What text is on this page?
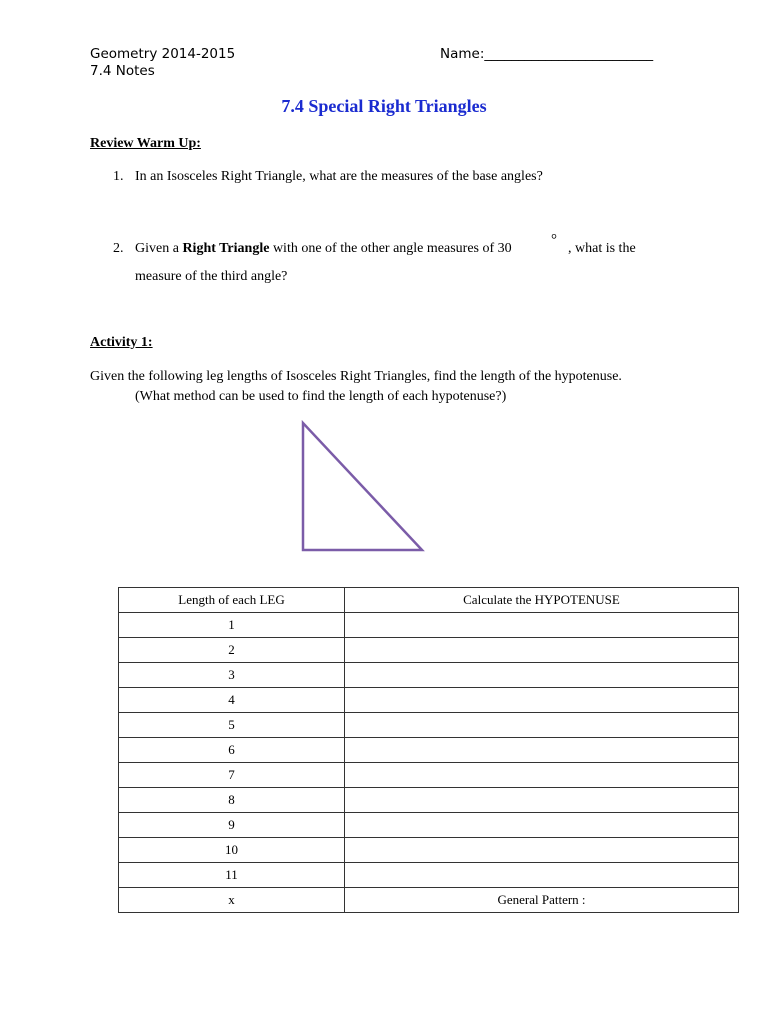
Geometry 2014-2015

7.4 Notes

Name:_________________________

7.4 Special Right Triangles

Review Warm Up:

1. In an Isosceles Right Triangle, what are the measures of the base angles?

2. Given a Right Triangle with one of the other angle measures of 30

°
, what is the

measure of the third angle?

Activity 1:

Given the following leg lengths of Isosceles Right Triangles, find the length of the hypotenuse.

(What method can be used to find the length of each hypotenuse?)

Length of each LEG	Calculate the HYPOTENUSE
1	
2	
3	
4	
5	
6	
7	
8	
9	
10	
11	
x	General Pattern :
